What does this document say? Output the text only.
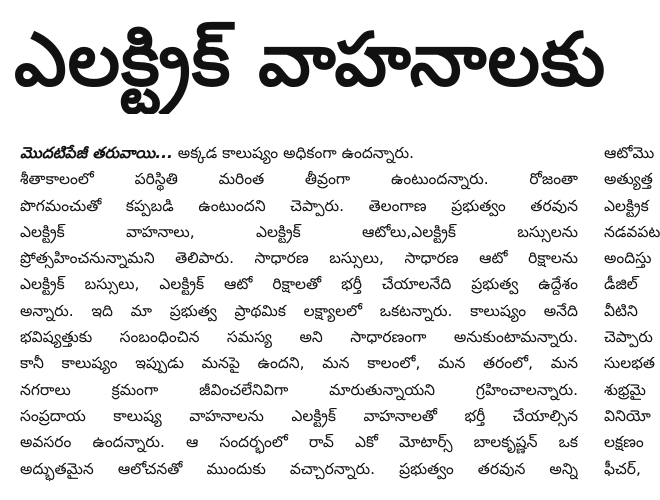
ఎలక్ట్రిక్ వాహనాలకు
మొదటిపేజీ తరువాయి... అక్కడ కాలుష్యం అధికంగా ఉందన్నారు.
శీతాకాలంలో పరిస్థితి మరింత తీవ్రంగా ఉంటుందన్నారు. రోజంతా
పొగమంచుతో కప్పబడి ఉంటుందని చెప్పారు. తెలంగాణ ప్రభుత్వం తరవున
ఎలక్ట్రిక్ వాహనాలు, ఎలక్ట్రిక్ ఆటోలు,ఎలక్ట్రిక్ బస్సులను
ప్రోత్సహించనున్నామని తెలిపారు. సాధారణ బస్సులు, సాధారణ ఆటో రిక్షాలను
ఎలక్ట్రిక్ బస్సులు, ఎలక్ట్రిక్ ఆటో రిక్షాలతో భర్తీ చేయాలనేది ప్రభుత్వ ఉద్దేశం
అన్నారు. ఇది మా ప్రభుత్వ ప్రాథమిక లక్ష్యాలలో ఒకటన్నారు. కాలుష్యం అనేది
భవిష్యత్తుకు సంబంధించిన సమస్య అని సాధారణంగా అనుకుంటామన్నారు.
కానీ కాలుష్యం ఇప్పుడు మనపై ఉందని, మన కాలంలో, మన తరంలో, మన
నగరాలు క్రమంగా జీవించలేనివిగా మారుతున్నాయని గ్రహించాలన్నారు.
సంప్రదాయ కాలుష్య వాహనాలను ఎలక్ట్రిక్ వాహనాలతో భర్తీ చేయాల్సిన
అవసరం ఉందన్నారు. ఆ సందర్భంలో రావ్ ఎకో మోటార్స్ బాలకృష్ణన్ ఒక
అద్భుతమైన ఆలోచనతో ముందుకు వచ్చారన్నారు. ప్రభుత్వం తరవున అన్ని
ఆటోమొ
అత్యుత్త
ఎలక్ట్రిక
నడవపట
అందిస్తు
డీజిల్
వీటిని
చెప్పారు
సులభత
శుభ్రమై
వినియో
లక్షణం
ఫీచర్,
